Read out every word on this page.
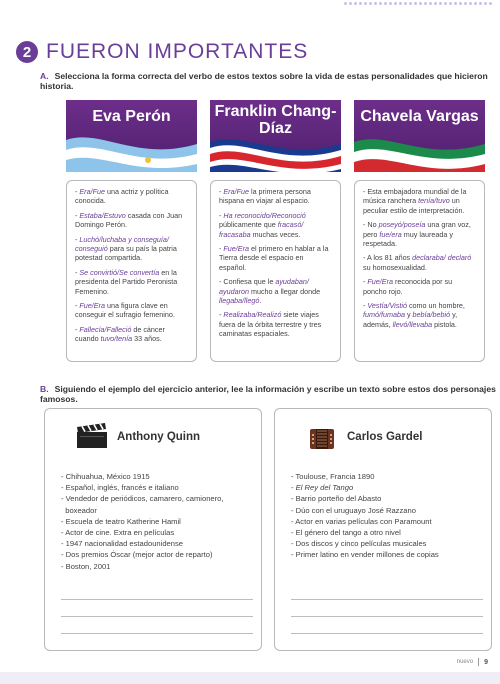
2 FUERON IMPORTANTES
A. Selecciona la forma correcta del verbo de estos textos sobre la vida de estas personalidades que hicieron historia.
Eva Perón
- Era/Fue una actriz y política conocida.
- Estaba/Estuvo casada con Juan Domingo Perón.
- Luchó/luchaba y conseguía/ conseguió para su país la patria potestad compartida.
- Se convirtió/Se convertía en la presidenta del Partido Peronista Femenino.
- Fue/Era una figura clave en conseguir el sufragio femenino.
- Fallecía/Falleció de cáncer cuando tuvo/tenía 33 años.
Franklin Chang-Díaz
- Era/Fue la primera persona hispana en viajar al espacio.
- Ha reconocido/Reconoció públicamente que fracasó/ fracasaba muchas veces.
- Fue/Era el primero en hablar a la Tierra desde el espacio en español.
- Confiesa que le ayudaban/ ayudaron mucho a llegar donde llegaba/llegó.
- Realizaba/Realizó siete viajes fuera de la órbita terrestre y tres caminatas espaciales.
Chavela Vargas
- Esta embajadora mundial de la música ranchera tenía/tuvo un peculiar estilo de interpretación.
- No poseyó/poseía una gran voz, pero fue/era muy laureada y respetada.
- A los 81 años declaraba/ declaró su homosexualidad.
- Fue/Era reconocida por su poncho rojo.
- Vestía/Vistió como un hombre, fumó/fumaba y bebía/bebió y, además, llevó/llevaba pistola.
B. Siguiendo el ejemplo del ejercicio anterior, lee la información y escribe un texto sobre estos dos personajes famosos.
Anthony Quinn
- Chihuahua, México 1915
- Español, inglés, francés e italiano
- Vendedor de periódicos, camarero, camionero,
boxeador
- Escuela de teatro Katherine Hamil
- Actor de cine. Extra en películas
- 1947 nacionalidad estadounidense
- Dos premios Óscar (mejor actor de reparto)
- Boston, 2001
Carlos Gardel
- Toulouse, Francia 1890
- El Rey del Tango
- Barrio porteño del Abasto
- Dúo con el uruguayo José Razzano
- Actor en varias películas con Paramount
- El género del tango a otro nivel
- Dos discos y cinco películas musicales
- Primer latino en vender millones de copias
nuevo 9
